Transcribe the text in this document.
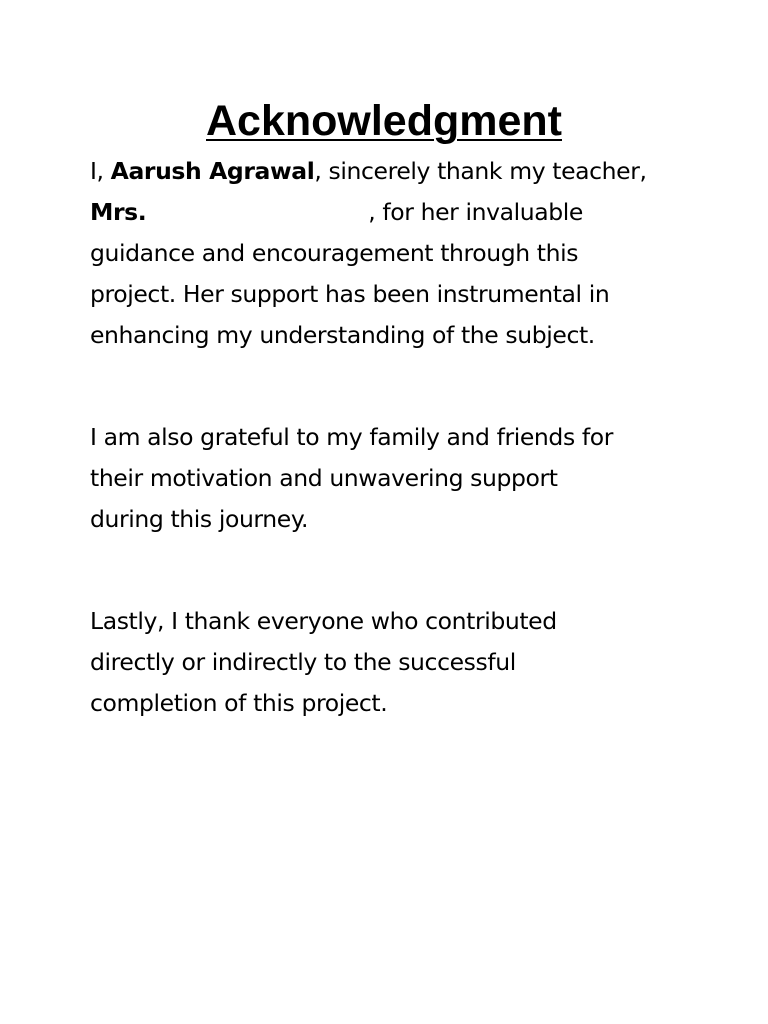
Acknowledgment
I, Aarush Agrawal, sincerely thank my teacher,
Mrs.	, for her invaluable
guidance and encouragement through this
project. Her support has been instrumental in
enhancing my understanding of the subject.
I am also grateful to my family and friends for
their motivation and unwavering support
during this journey.
Lastly, I thank everyone who contributed
directly or indirectly to the successful
completion of this project.
